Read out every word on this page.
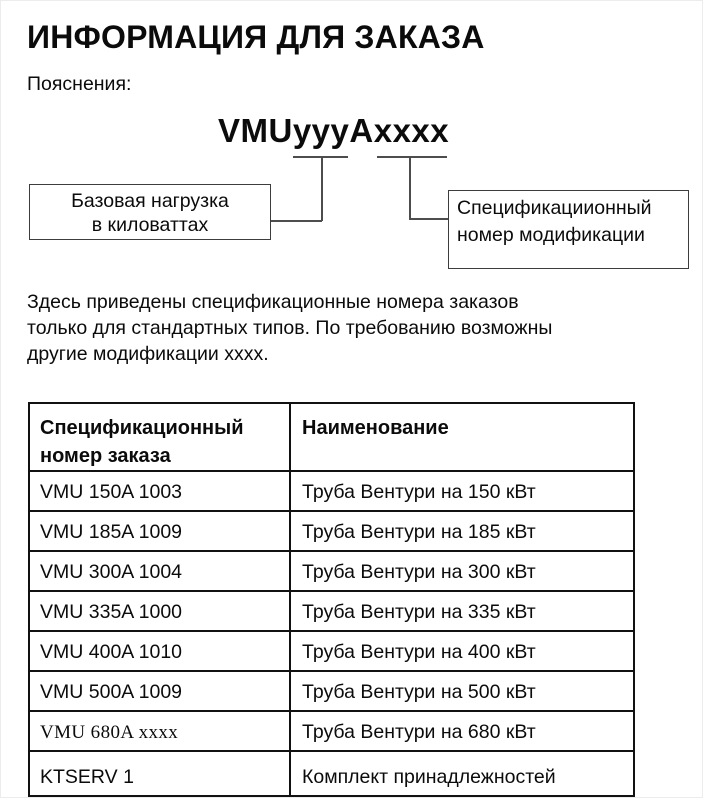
ИНФОРМАЦИЯ ДЛЯ ЗАКАЗА
Пояснения:
VMUyyyAxxxx
Базовая нагрузка
в киловаттах
Спецификациионный
номер модификации
Здесь приведены спецификационные номера заказов
только для стандартных типов. По требованию возможны
другие модификации xxxx.
Спецификационный номер заказа	Наименование
VMU 150A 1003	Труба Вентури на 150 кВт
VMU 185A 1009	Труба Вентури на 185 кВт
VMU 300A 1004	Труба Вентури на 300 кВт
VMU 335A 1000	Труба Вентури на 335 кВт
VMU 400A 1010	Труба Вентури на 400 кВт
VMU 500A 1009	Труба Вентури на 500 кВт
VMU 680A xxxx	Труба Вентури на 680 кВт
KTSERV 1	Комплект принадлежностей
